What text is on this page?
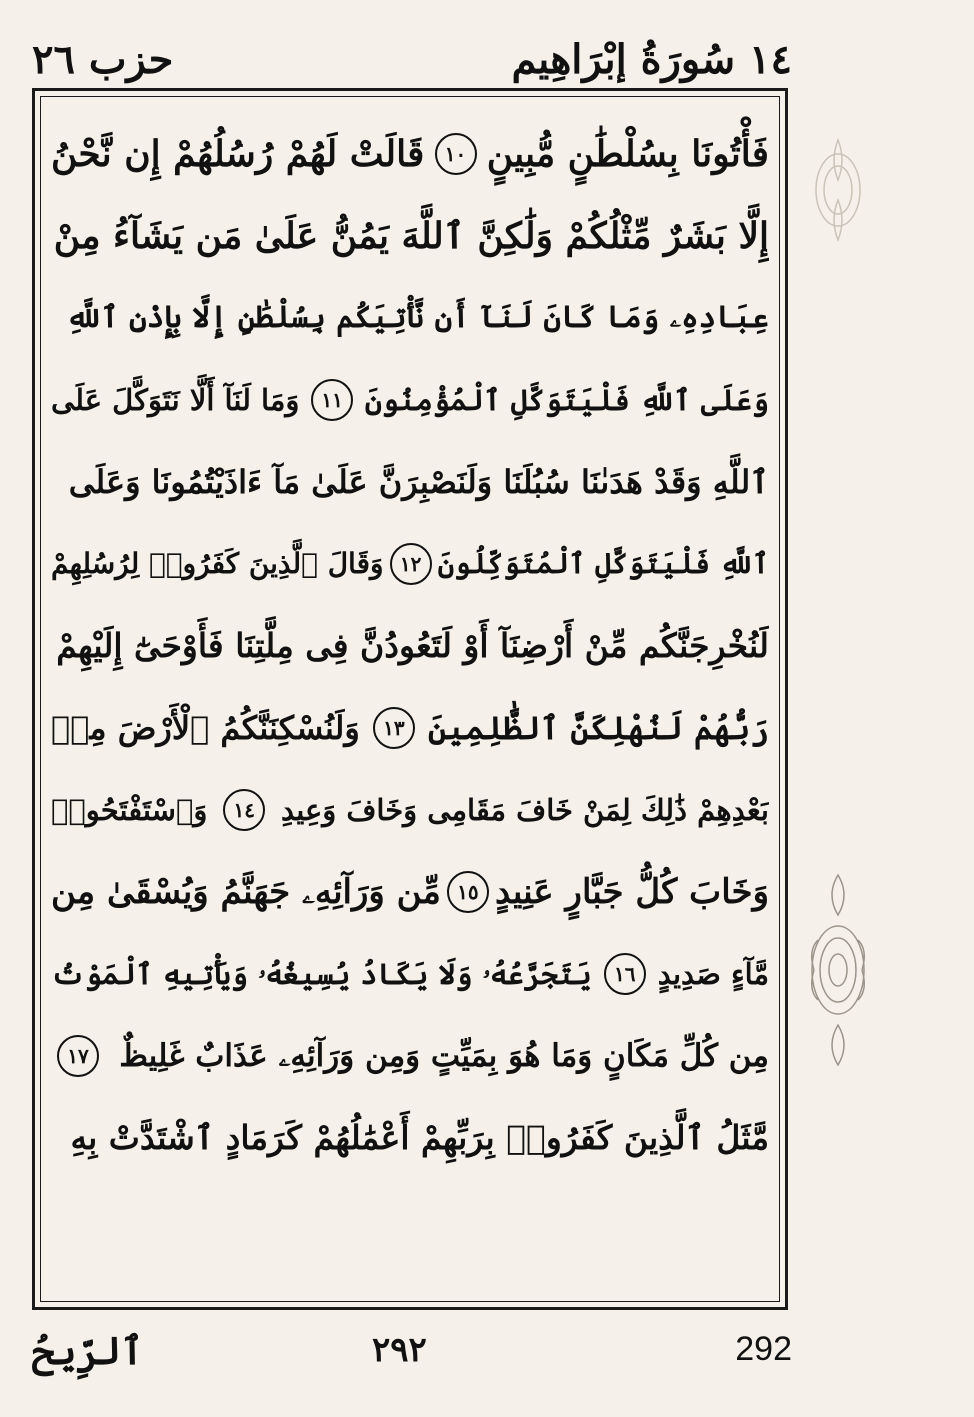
١٤ سُورَةُ إبْرَاهِيم
حزب ٢٦
فَأْتُونَا بِسُلْطَٰنٍ مُّبِينٍ
١٠
قَالَتْ لَهُمْ رُسُلُهُمْ إِن نَّحْنُ
إِلَّا بَشَرٌ مِّثْلُكُمْ وَلَٰكِنَّ ٱللَّهَ يَمُنُّ عَلَىٰ مَن يَشَآءُ مِنْ
عِبَادِهِۦ وَمَا كَانَ لَنَآ أَن نَّأْتِيَكُم بِسُلْطَٰنٍ إِلَّا بِإِذْنِ ٱللَّهِ
وَعَلَى ٱللَّهِ فَلْيَتَوَكَّلِ ٱلْمُؤْمِنُونَ
١١
وَمَا لَنَآ أَلَّا نَتَوَكَّلَ عَلَى
ٱللَّهِ وَقَدْ هَدَىٰنَا سُبُلَنَا وَلَنَصْبِرَنَّ عَلَىٰ مَآ ءَاذَيْتُمُونَا وَعَلَى
ٱللَّهِ فَلْيَتَوَكَّلِ ٱلْمُتَوَكِّلُونَ
١٢
وَقَالَ ٱلَّذِينَ كَفَرُوا۟ لِرُسُلِهِمْ
لَنُخْرِجَنَّكُم مِّنْ أَرْضِنَآ أَوْ لَتَعُودُنَّ فِى مِلَّتِنَا فَأَوْحَىٰٓ إِلَيْهِمْ
رَبُّهُمْ لَنُهْلِكَنَّ ٱلظَّٰلِمِينَ
١٣
وَلَنُسْكِنَنَّكُمُ ٱلْأَرْضَ مِنۢ
بَعْدِهِمْ ذَٰلِكَ لِمَنْ خَافَ مَقَامِى وَخَافَ وَعِيدِ
١٤
وَٱسْتَفْتَحُوا۟
وَخَابَ كُلُّ جَبَّارٍ عَنِيدٍ
١٥
مِّن وَرَآئِهِۦ جَهَنَّمُ وَيُسْقَىٰ مِن
مَّآءٍ صَدِيدٍ
١٦
يَتَجَرَّعُهُۥ وَلَا يَكَادُ يُسِيغُهُۥ وَيَأْتِيهِ ٱلْمَوْتُ
مِن كُلِّ مَكَانٍ وَمَا هُوَ بِمَيِّتٍ وَمِن وَرَآئِهِۦ عَذَابٌ غَلِيظٌ
١٧
مَّثَلُ ٱلَّذِينَ كَفَرُوا۟ بِرَبِّهِمْ أَعْمَٰلُهُمْ كَرَمَادٍ ٱشْتَدَّتْ بِهِ
ٱلرِّيحُ	٢٩٢	292
